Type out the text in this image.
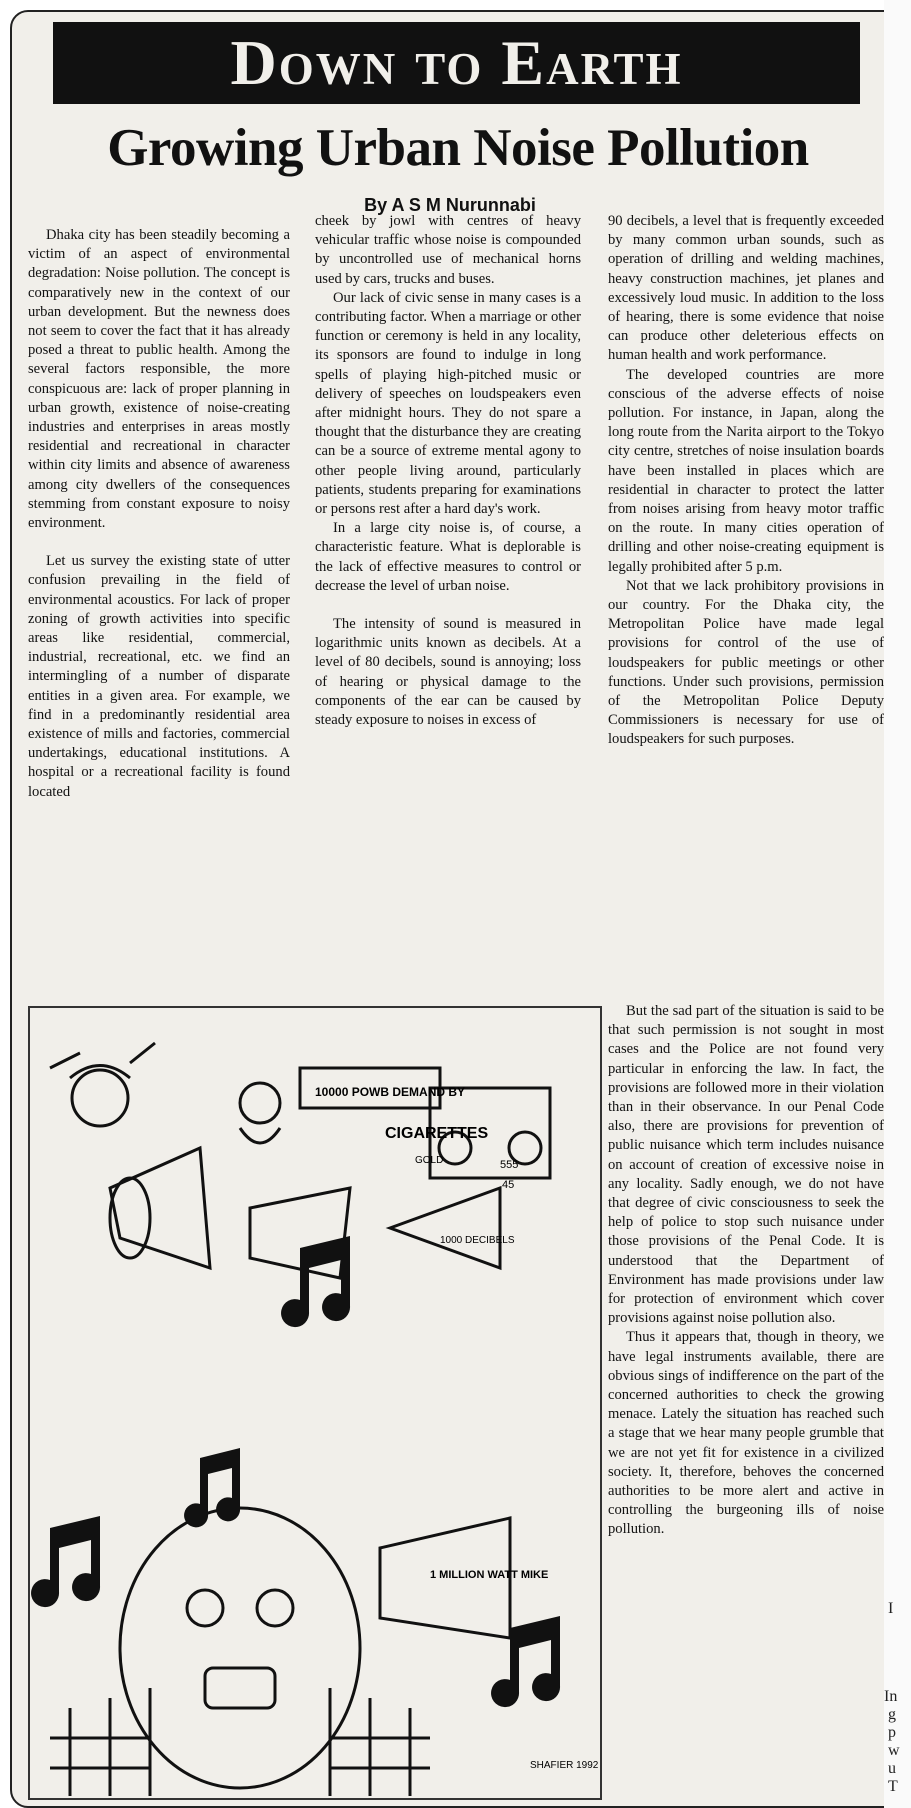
Down to Earth
Growing Urban Noise Pollution
By A S M Nurunnabi

Dhaka city has been steadily becoming a victim of an aspect of environmental degradation: Noise pollution. The concept is comparatively new in the context of our urban development. But the newness does not seem to cover the fact that it has already posed a threat to public health. Among the several factors responsible, the more conspicuous are: lack of proper planning in urban growth, existence of noise-creating industries and enterprises in areas mostly residential and recreational in character within city limits and absence of awareness among city dwellers of the consequences stemming from constant exposure to noisy environment.

Let us survey the existing state of utter confusion prevailing in the field of environmental acoustics. For lack of proper zoning of growth activities into specific areas like residential, commercial, industrial, recreational, etc. we find an intermingling of a number of disparate entities in a given area. For example, we find in a predominantly residential area existence of mills and factories, commercial undertakings, educational institutions. A hospital or a recreational facility is found located

cheek by jowl with centres of heavy vehicular traffic whose noise is compounded by uncontrolled use of mechanical horns used by cars, trucks and buses.

Our lack of civic sense in many cases is a contributing factor. When a marriage or other function or ceremony is held in any locality, its sponsors are found to indulge in long spells of playing high-pitched music or delivery of speeches on loudspeakers even after midnight hours. They do not spare a thought that the disturbance they are creating can be a source of extreme mental agony to other people living around, particularly patients, students preparing for examinations or persons rest after a hard day's work.

In a large city noise is, of course, a characteristic feature. What is deplorable is the lack of effective measures to control or decrease the level of urban noise.

The intensity of sound is measured in logarithmic units known as decibels. At a level of 80 decibels, sound is annoying; loss of hearing or physical damage to the components of the ear can be caused by steady exposure to noises in excess of

90 decibels, a level that is frequently exceeded by many common urban sounds, such as operation of drilling and welding machines, heavy construction machines, jet planes and excessively loud music. In addition to the loss of hearing, there is some evidence that noise can produce other deleterious effects on human health and work performance.

The developed countries are more conscious of the adverse effects of noise pollution. For instance, in Japan, along the long route from the Narita airport to the Tokyo city centre, stretches of noise insulation boards have been installed in places which are residential in character to protect the latter from noises arising from heavy motor traffic on the route. In many cities operation of drilling and other noise-creating equipment is legally prohibited after 5 p.m.

Not that we lack prohibitory provisions in our country. For the Dhaka city, the Metropolitan Police have made legal provisions for control of the use of loudspeakers for public meetings or other functions. Under such provisions, permission of the Metropolitan Police Deputy Commissioners is necessary for use of loudspeakers for such purposes.

But the sad part of the situation is said to be that such permission is not sought in most cases and the Police are not found very particular in enforcing the law. In fact, the provisions are followed more in their violation than in their observance. In our Penal Code also, there are provisions for prevention of public nuisance which term includes nuisance on account of creation of excessive noise in any locality. Sadly enough, we do not have that degree of civic consciousness to seek the help of police to stop such nuisance under those provisions of the Penal Code. It is understood that the Department of Environment has made provisions under law for protection of environment which cover provisions against noise pollution also.

Thus it appears that, though in theory, we have legal instruments available, there are obvious sings of indifference on the part of the concerned authorities to check the growing menace. Lately the situation has reached such a stage that we hear many people grumble that we are not yet fit for existence in a civilized society. It, therefore, behoves the concerned authorities to be more alert and active in controlling the burgeoning ills of noise pollution.

10000 POWB DEMAND BY
CIGARETTES
GOLD	555
45
1000 DECIBELS
1 MILLION WATT MIKE
SHAFIER 1992
I
In
g
p
w
u
T
